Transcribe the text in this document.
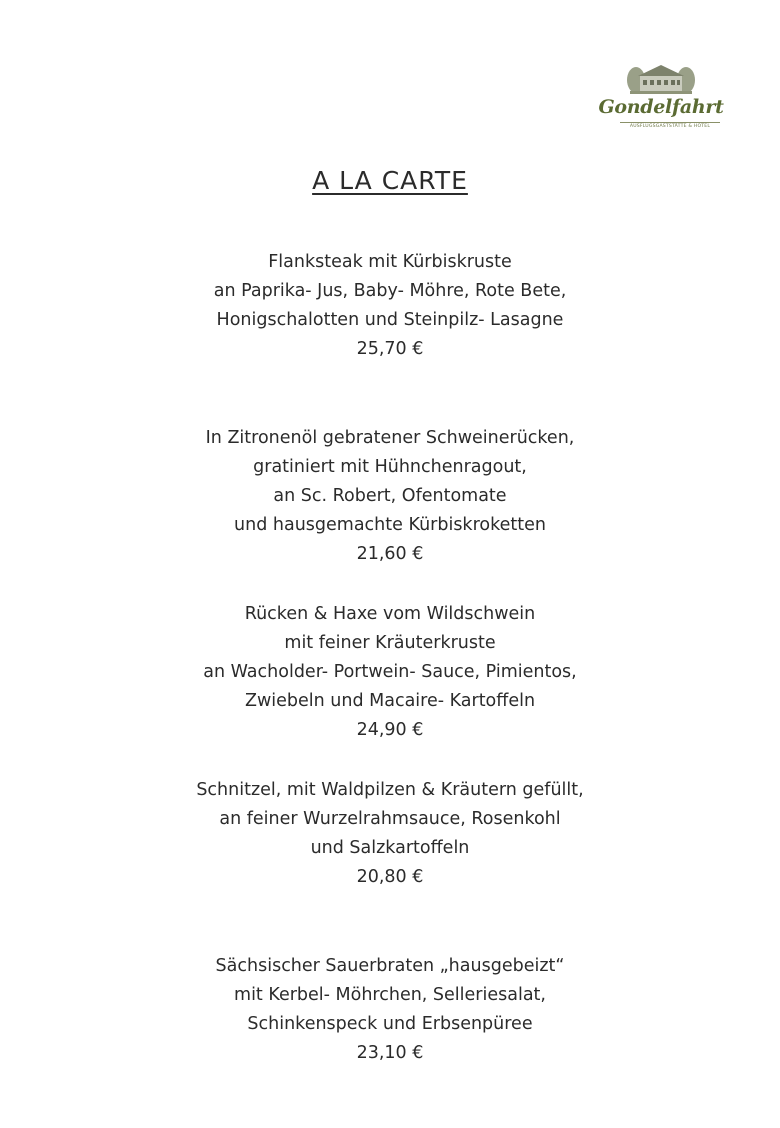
Gondelfahrt
AUSFLUGSGASTSTÄTTE & HOTEL
A LA CARTE
Flanksteak mit Kürbiskruste
an Paprika- Jus, Baby- Möhre, Rote Bete,
Honigschalotten und Steinpilz- Lasagne
25,70 €
In Zitronenöl gebratener Schweinerücken,
gratiniert mit Hühnchenragout,
an Sc. Robert, Ofentomate
und hausgemachte Kürbiskroketten
21,60 €
Rücken & Haxe vom Wildschwein
mit feiner Kräuterkruste
an Wacholder- Portwein- Sauce, Pimientos,
Zwiebeln und Macaire- Kartoffeln
24,90 €
Schnitzel, mit Waldpilzen & Kräutern gefüllt,
an feiner Wurzelrahmsauce, Rosenkohl
und Salzkartoffeln
20,80 €
Sächsischer Sauerbraten „hausgebeizt“
mit Kerbel- Möhrchen, Selleriesalat,
Schinkenspeck und Erbsenpüree
23,10 €
